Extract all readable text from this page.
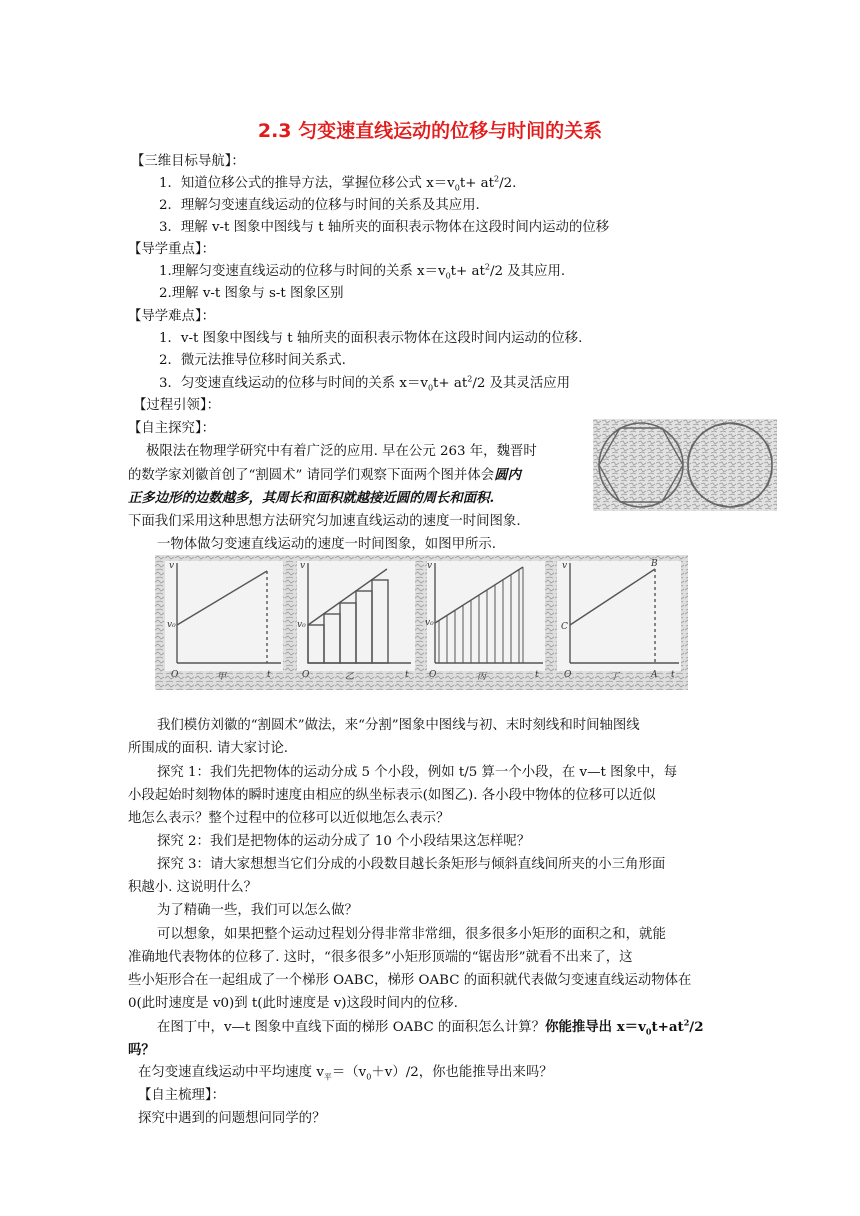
2.3 匀变速直线运动的位移与时间的关系
【三维目标导航】：
1．知道位移公式的推导方法，掌握位移公式 $x=v_0t+ at^2/2$.
2．理解匀变速直线运动的位移与时间的关系及其应用.
3．理解 v-t 图象中图线与 t 轴所夹的面积表示物体在这段时间内运动的位移
【导学重点】：
1.理解匀变速直线运动的位移与时间的关系 $x=v_0t+ at^2/2$ 及其应用.
2.理解 v-t 图象与 s-t 图象区别
【导学难点】：
1．v-t 图象中图线与 t 轴所夹的面积表示物体在这段时间内运动的位移.
2．微元法推导位移时间关系式.
3．匀变速直线运动的位移与时间的关系 $x=v_0t+ at^2/2$ 及其灵活应用
【过程引领】：
【自主探究】：
极限法在物理学研究中有着广泛的应用. 早在公元 263 年，魏晋时
的数学家刘徽首创了“割圆术” 请同学们观察下面两个图并体会圆内
正多边形的边数越多，其周长和面积就越接近圆的周长和面积.
下面我们采用这种思想方法研究匀加速直线运动的速度一时间图象.
一物体做匀变速直线运动的速度一时间图象，如图甲所示.
v
v₀
O	t
甲
v
v₀
O	t
乙
v
v₀
O	t
丙
v
C
B
O	A t
丁
我们模仿刘徽的“割圆术”做法，来“分割”图象中图线与初、末时刻线和时间轴图线
所围成的面积. 请大家讨论.
探究 1：我们先把物体的运动分成 5 个小段，例如 t/5 算一个小段，在 v—t 图象中，每
小段起始时刻物体的瞬时速度由相应的纵坐标表示(如图乙). 各小段中物体的位移可以近似
地怎么表示？整个过程中的位移可以近似地怎么表示？
探究 2：我们是把物体的运动分成了 10 个小段结果这怎样呢？
探究 3：请大家想想当它们分成的小段数目越长条矩形与倾斜直线间所夹的小三角形面
积越小. 这说明什么？
为了精确一些，我们可以怎么做？
可以想象，如果把整个运动过程划分得非常非常细，很多很多小矩形的面积之和，就能
准确地代表物体的位移了. 这时，“很多很多”小矩形顶端的“锯齿形”就看不出来了，这
些小矩形合在一起组成了一个梯形 OABC，梯形 OABC 的面积就代表做匀变速直线运动物体在
0(此时速度是 v0)到 t(此时速度是 v)这段时间内的位移.
在图丁中，v—t 图象中直线下面的梯形 OABC 的面积怎么计算？你能推导出 $x=v_0t+at^2/2$
吗？
在匀变速直线运动中平均速度 $v_平=(v_0+v)/2$，你也能推导出来吗？
【自主梳理】：
探究中遇到的问题想问同学的？
